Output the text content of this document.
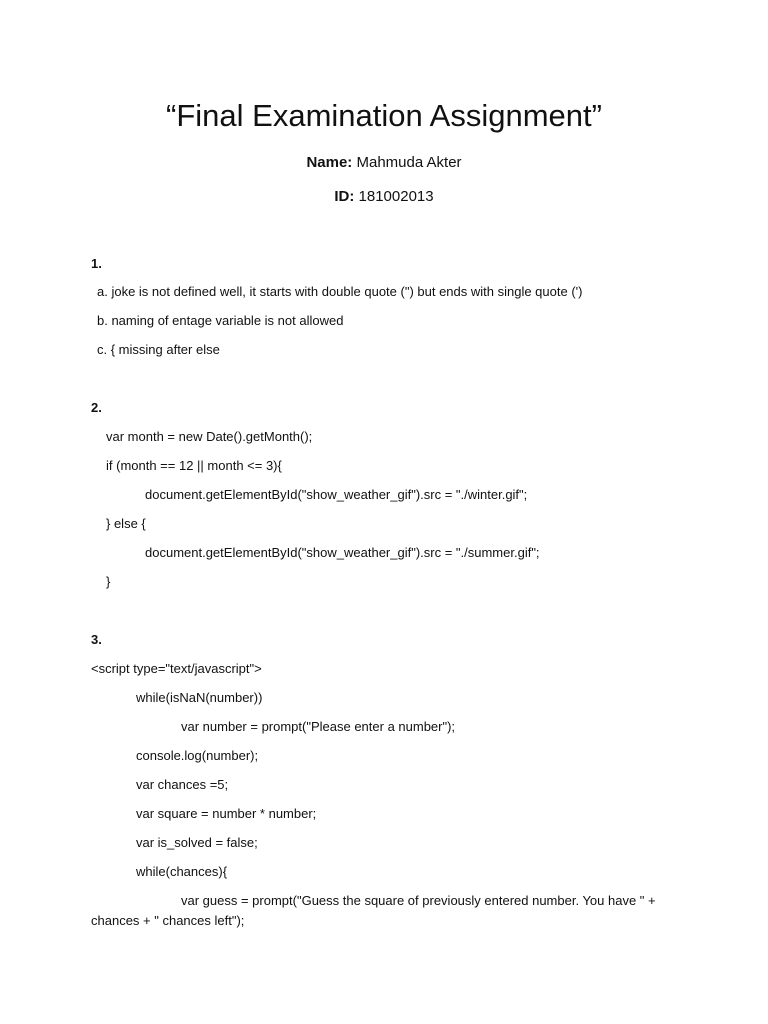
“Final Examination Assignment”
Name: Mahmuda Akter
ID: 181002013
1.
a. joke is not defined well, it starts with double quote (") but ends with single quote (')
b. naming of entage variable is not allowed
c. { missing after else
2.
var month = new Date().getMonth();
if (month == 12 || month <= 3){
document.getElementById("show_weather_gif").src = "./winter.gif";
} else {
document.getElementById("show_weather_gif").src = "./summer.gif";
}
3.
<script type="text/javascript">
while(isNaN(number))
var number = prompt("Please enter a number");
console.log(number);
var chances =5;
var square = number * number;
var is_solved = false;
while(chances){
var guess = prompt("Guess the square of previously entered number. You have " +
chances + " chances left");
